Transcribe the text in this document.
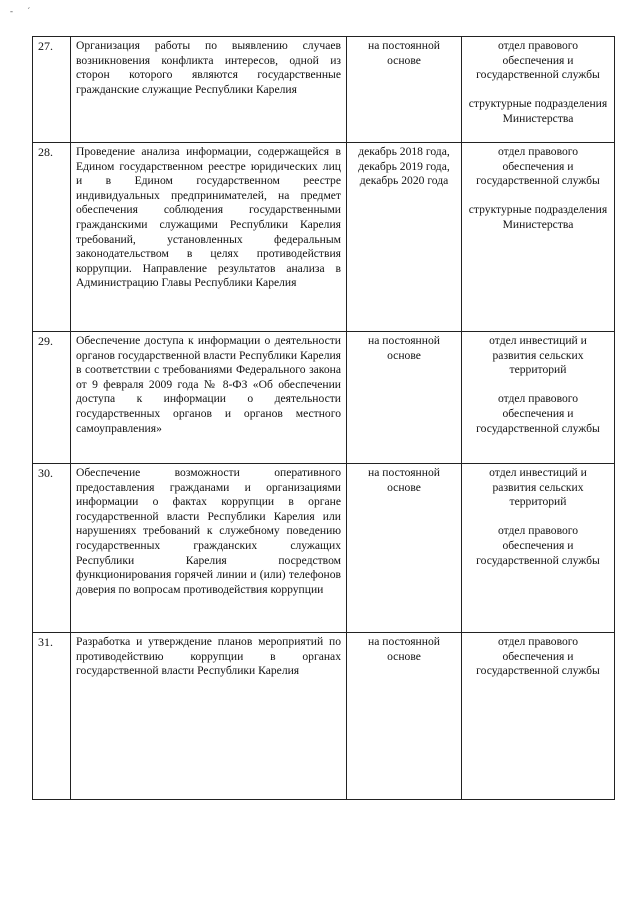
- ´
27.	Организация работы по выявлению случаев возникновения конфликта интересов, одной из сторон которого являются государственные гражданские служащие Республики Карелия	на постоянной основе	отдел правового обеспечения и государственной службы
структурные подразделения Министерства

28.	Проведение анализа информации, содержащейся в Едином государственном реестре юридических лиц и в Едином государственном реестре индивидуальных предпринимателей, на предмет обеспечения соблюдения государственными гражданскими служащими Республики Карелия требований, установленных федеральным законодательством в целях противодействия коррупции. Направление результатов анализа в Администрацию Главы Республики Карелия	декабрь 2018 года, декабрь 2019 года, декабрь 2020 года	отдел правового обеспечения и государственной службы
структурные подразделения Министерства

29.	Обеспечение доступа к информации о деятельности органов государственной власти Республики Карелия в соответствии с требованиями Федерального закона от 9 февраля 2009 года № 8-ФЗ «Об обеспечении доступа к информации о деятельности государственных органов и органов местного самоуправления»	на постоянной основе	отдел инвестиций и развития сельских территорий
отдел правового обеспечения и государственной службы

30.	Обеспечение возможности оперативного предоставления гражданами и организациями информации о фактах коррупции в органе государственной власти Республики Карелия или нарушениях требований к служебному поведению государственных гражданских служащих Республики Карелия посредством функционирования горячей линии и (или) телефонов доверия по вопросам противодействия коррупции	на постоянной основе	отдел инвестиций и развития сельских территорий
отдел правового обеспечения и государственной службы

31.	Разработка и утверждение планов мероприятий по противодействию коррупции в органах государственной власти Республики Карелия	на постоянной основе	отдел правового обеспечения и государственной службы
